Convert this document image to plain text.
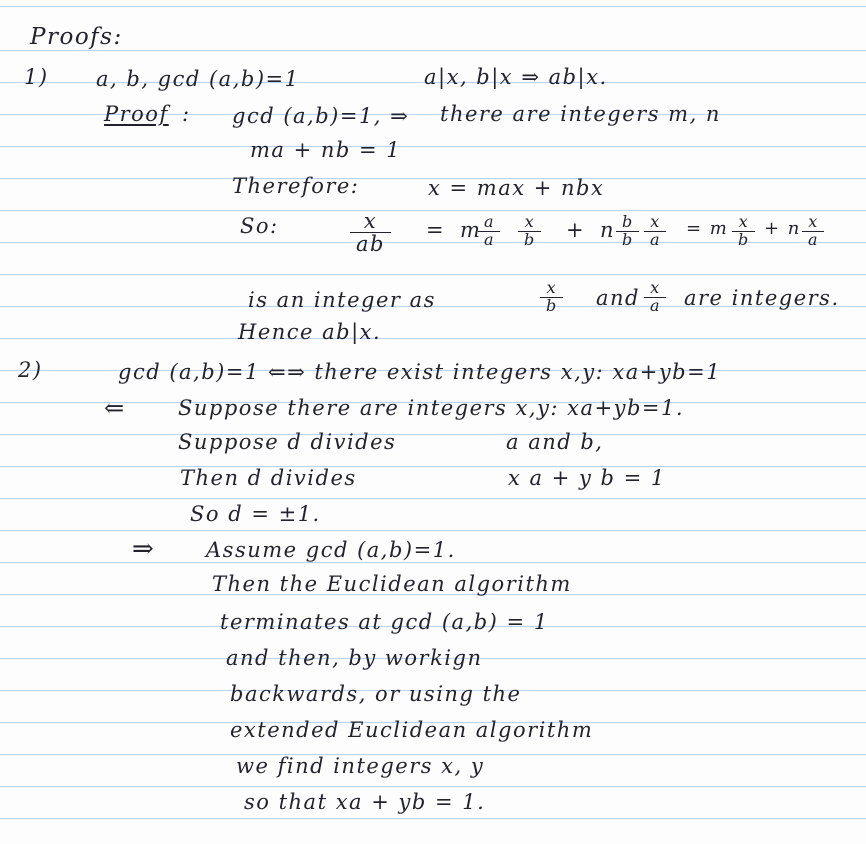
Proofs:
1) a, b, gcd (a,b)=1	a|x, b|x ⇒ ab|x.
Proof : gcd (a,b)=1, ⇒ there are integers m, n
ma + nb = 1
Therefore:	x = max + nbx
So:	$\frac{x}{ab} = m$
$\frac{a}{a} \frac{x}{b} + n \frac{b}{b} \frac{x}{a} = m \frac{x}{b} + n \frac{x}{a}$
is an integer as	$\frac{x}{b}$ and $\frac{x}{a}$ are integers.
Hence ab|x.
2)	gcd (a,b)=1 ⇐⇒ there exist integers x,y: xa+yb=1
⇐ Suppose there are integers x,y: xa+yb=1.
Suppose d divides	a and b,
Then d divides	x a + y b = 1
So d = ±1.
⇒ Assume gcd (a,b)=1.
Then the Euclidean algorithm
terminates at gcd (a,b) = 1
and then, by workign
backwards, or using the
extended Euclidean algorithm
we find integers x, y
so that xa + yb = 1.
